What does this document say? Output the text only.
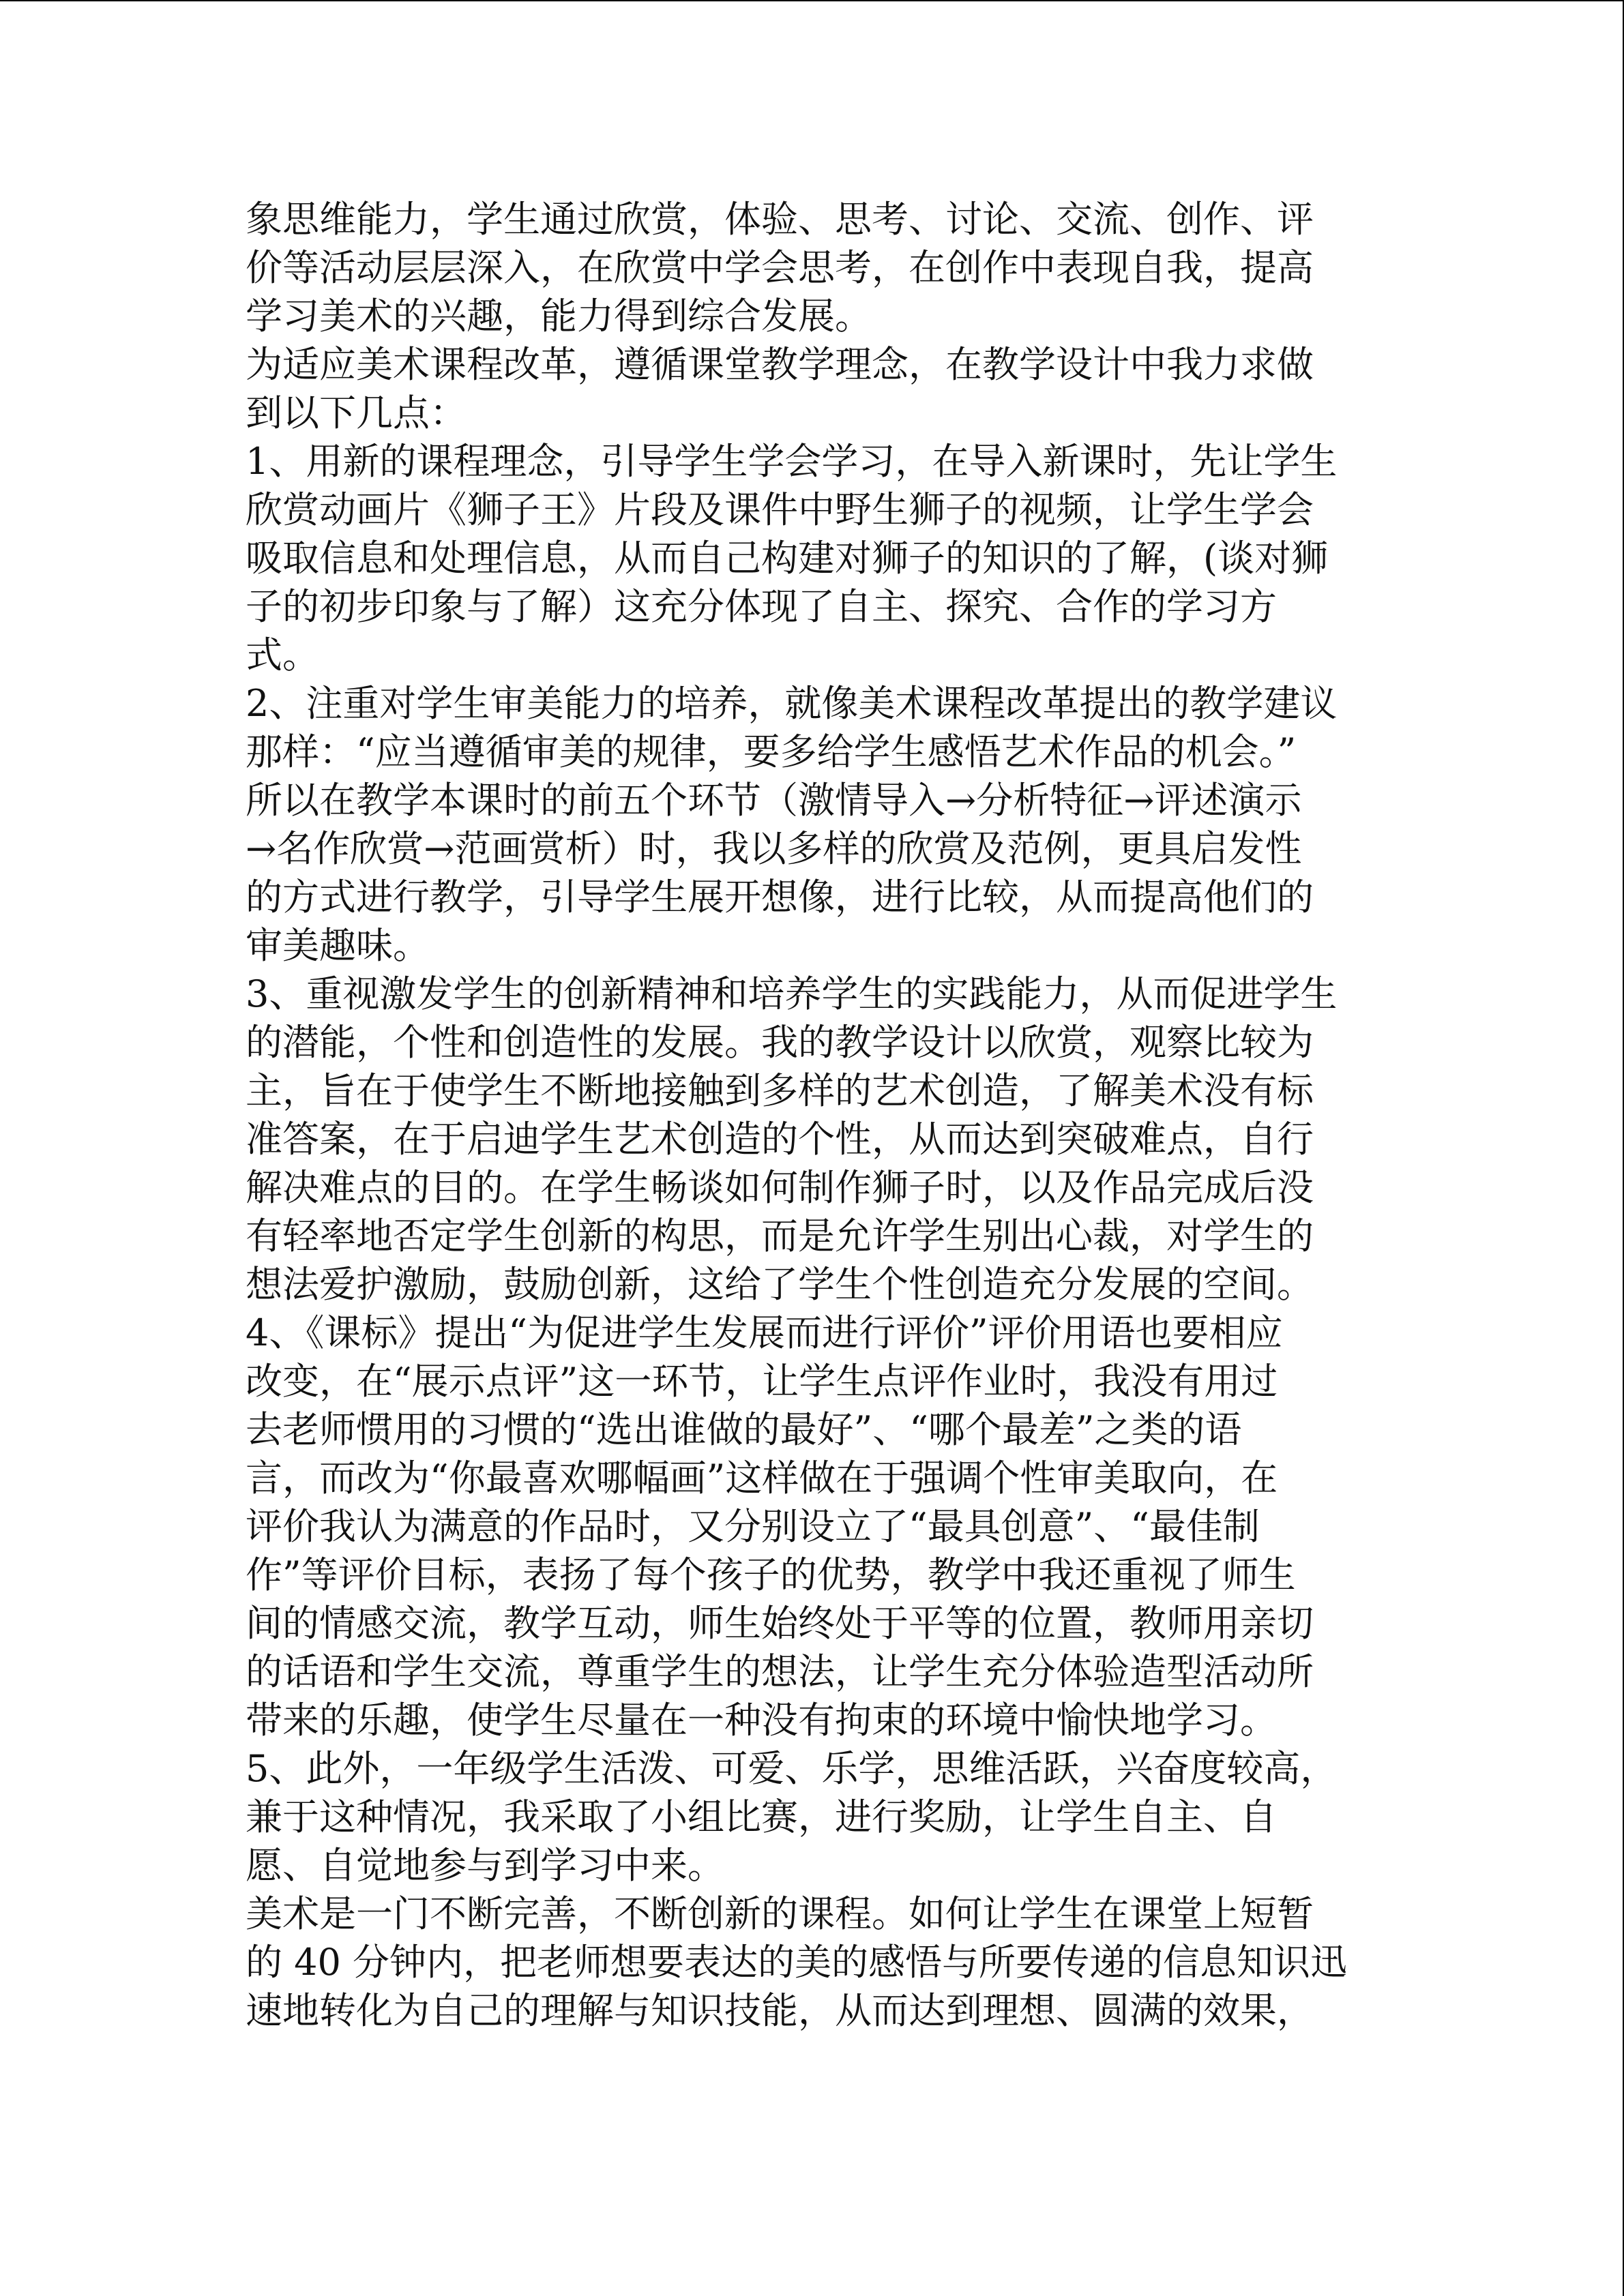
象思维能力，学生通过欣赏，体验、思考、讨论、交流、创作、评
价等活动层层深入，在欣赏中学会思考，在创作中表现自我，提高
学习美术的兴趣，能力得到综合发展。
为适应美术课程改革，遵循课堂教学理念，在教学设计中我力求做
到以下几点：
1、用新的课程理念，引导学生学会学习，在导入新课时，先让学生
欣赏动画片《狮子王》片段及课件中野生狮子的视频，让学生学会
吸取信息和处理信息，从而自己构建对狮子的知识的了解，(谈对狮
子的初步印象与了解）这充分体现了自主、探究、合作的学习方
式。
2、注重对学生审美能力的培养，就像美术课程改革提出的教学建议
那样：“应当遵循审美的规律，要多给学生感悟艺术作品的机会。”
所以在教学本课时的前五个环节（激情导入→分析特征→评述演示
→名作欣赏→范画赏析）时，我以多样的欣赏及范例，更具启发性
的方式进行教学，引导学生展开想像，进行比较，从而提高他们的
审美趣味。
3、重视激发学生的创新精神和培养学生的实践能力，从而促进学生
的潜能，个性和创造性的发展。我的教学设计以欣赏，观察比较为
主，旨在于使学生不断地接触到多样的艺术创造，了解美术没有标
准答案，在于启迪学生艺术创造的个性，从而达到突破难点，自行
解决难点的目的。在学生畅谈如何制作狮子时，以及作品完成后没
有轻率地否定学生创新的构思，而是允许学生别出心裁，对学生的
想法爱护激励，鼓励创新，这给了学生个性创造充分发展的空间。
4、《课标》提出“为促进学生发展而进行评价”评价用语也要相应
改变，在“展示点评”这一环节，让学生点评作业时，我没有用过
去老师惯用的习惯的“选出谁做的最好”、“哪个最差”之类的语
言，而改为“你最喜欢哪幅画”这样做在于强调个性审美取向，在
评价我认为满意的作品时，又分别设立了“最具创意”、“最佳制
作”等评价目标，表扬了每个孩子的优势，教学中我还重视了师生
间的情感交流，教学互动，师生始终处于平等的位置，教师用亲切
的话语和学生交流，尊重学生的想法，让学生充分体验造型活动所
带来的乐趣，使学生尽量在一种没有拘束的环境中愉快地学习。
5、此外，一年级学生活泼、可爱、乐学，思维活跃，兴奋度较高，
兼于这种情况，我采取了小组比赛，进行奖励，让学生自主、自
愿、自觉地参与到学习中来。
美术是一门不断完善，不断创新的课程。如何让学生在课堂上短暂
的 40 分钟内，把老师想要表达的美的感悟与所要传递的信息知识迅
速地转化为自己的理解与知识技能，从而达到理想、圆满的效果，
